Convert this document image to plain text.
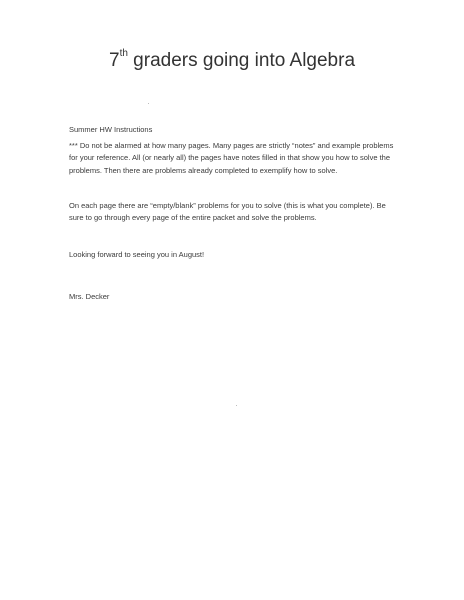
7th graders going into Algebra
Summer HW Instructions

*** Do not be alarmed at how many pages. Many pages are strictly “notes” and example problems for your reference. All (or nearly all) the pages have notes filled in that show you how to solve the problems. Then there are problems already completed to exemplify how to solve.

On each page there are “empty/blank” problems for you to solve (this is what you complete). Be sure to go through every page of the entire packet and solve the problems.

Looking forward to seeing you in August!
Mrs. Decker
